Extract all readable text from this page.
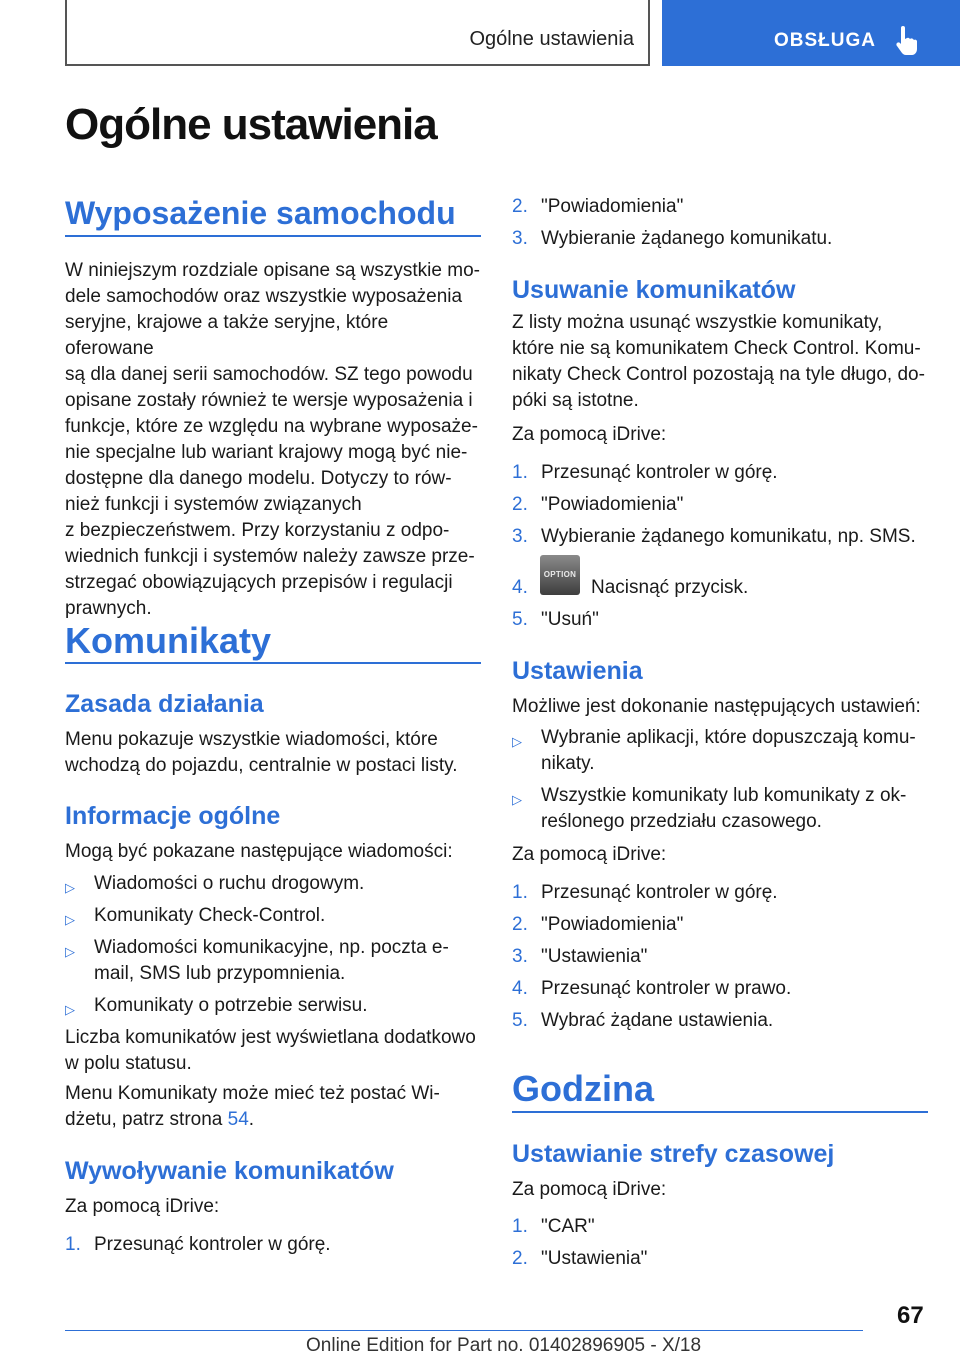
Ogólne ustawienia	OBSŁUGA
Ogólne ustawienia
Wyposażenie samochodu
W niniejszym rozdziale opisane są wszystkie mo‐
dele samochodów oraz wszystkie wyposażenia
seryjne, krajowe a także seryjne, które oferowane
są dla danej serii samochodów. SZ tego powodu
opisane zostały również te wersje wyposażenia i
funkcje, które ze względu na wybrane wyposaże‐
nie specjalne lub wariant krajowy mogą być nie‐
dostępne dla danego modelu. Dotyczy to rów‐
nież funkcji i systemów związanych
z bezpieczeństwem. Przy korzystaniu z odpo‐
wiednich funkcji i systemów należy zawsze prze‐
strzegać obowiązujących przepisów i regulacji
prawnych.
Komunikaty
Zasada działania
Menu pokazuje wszystkie wiadomości, które
wchodzą do pojazdu, centralnie w postaci listy.
Informacje ogólne
Mogą być pokazane następujące wiadomości:
▷ Wiadomości o ruchu drogowym.
▷ Komunikaty Check-Control.
▷ Wiadomości komunikacyjne, np. poczta e-
mail, SMS lub przypomnienia.
▷ Komunikaty o potrzebie serwisu.
Liczba komunikatów jest wyświetlana dodatkowo
w polu statusu.
Menu Komunikaty może mieć też postać Wi‐
dżetu, patrz strona 54.
Wywoływanie komunikatów
Za pomocą iDrive:
1. Przesunąć kontroler w górę.
2. "Powiadomienia"
3. Wybieranie żądanego komunikatu.
Usuwanie komunikatów
Z listy można usunąć wszystkie komunikaty,
które nie są komunikatem Check Control. Komu‐
nikaty Check Control pozostają na tyle długo, do‐
póki są istotne.
Za pomocą iDrive:
1. Przesunąć kontroler w górę.
2. "Powiadomienia"
3. Wybieranie żądanego komunikatu, np. SMS.
4.
OPTION
Nacisnąć przycisk.
5. "Usuń"
Ustawienia
Możliwe jest dokonanie następujących ustawień:
▷ Wybranie aplikacji, które dopuszczają komu‐
nikaty.
▷ Wszystkie komunikaty lub komunikaty z ok‐
reślonego przedziału czasowego.
Za pomocą iDrive:
1. Przesunąć kontroler w górę.
2. "Powiadomienia"
3. "Ustawienia"
4. Przesunąć kontroler w prawo.
5. Wybrać żądane ustawienia.
Godzina
Ustawianie strefy czasowej
Za pomocą iDrive:
1. "CAR"
2. "Ustawienia"
67
Online Edition for Part no. 01402896905 - X/18
